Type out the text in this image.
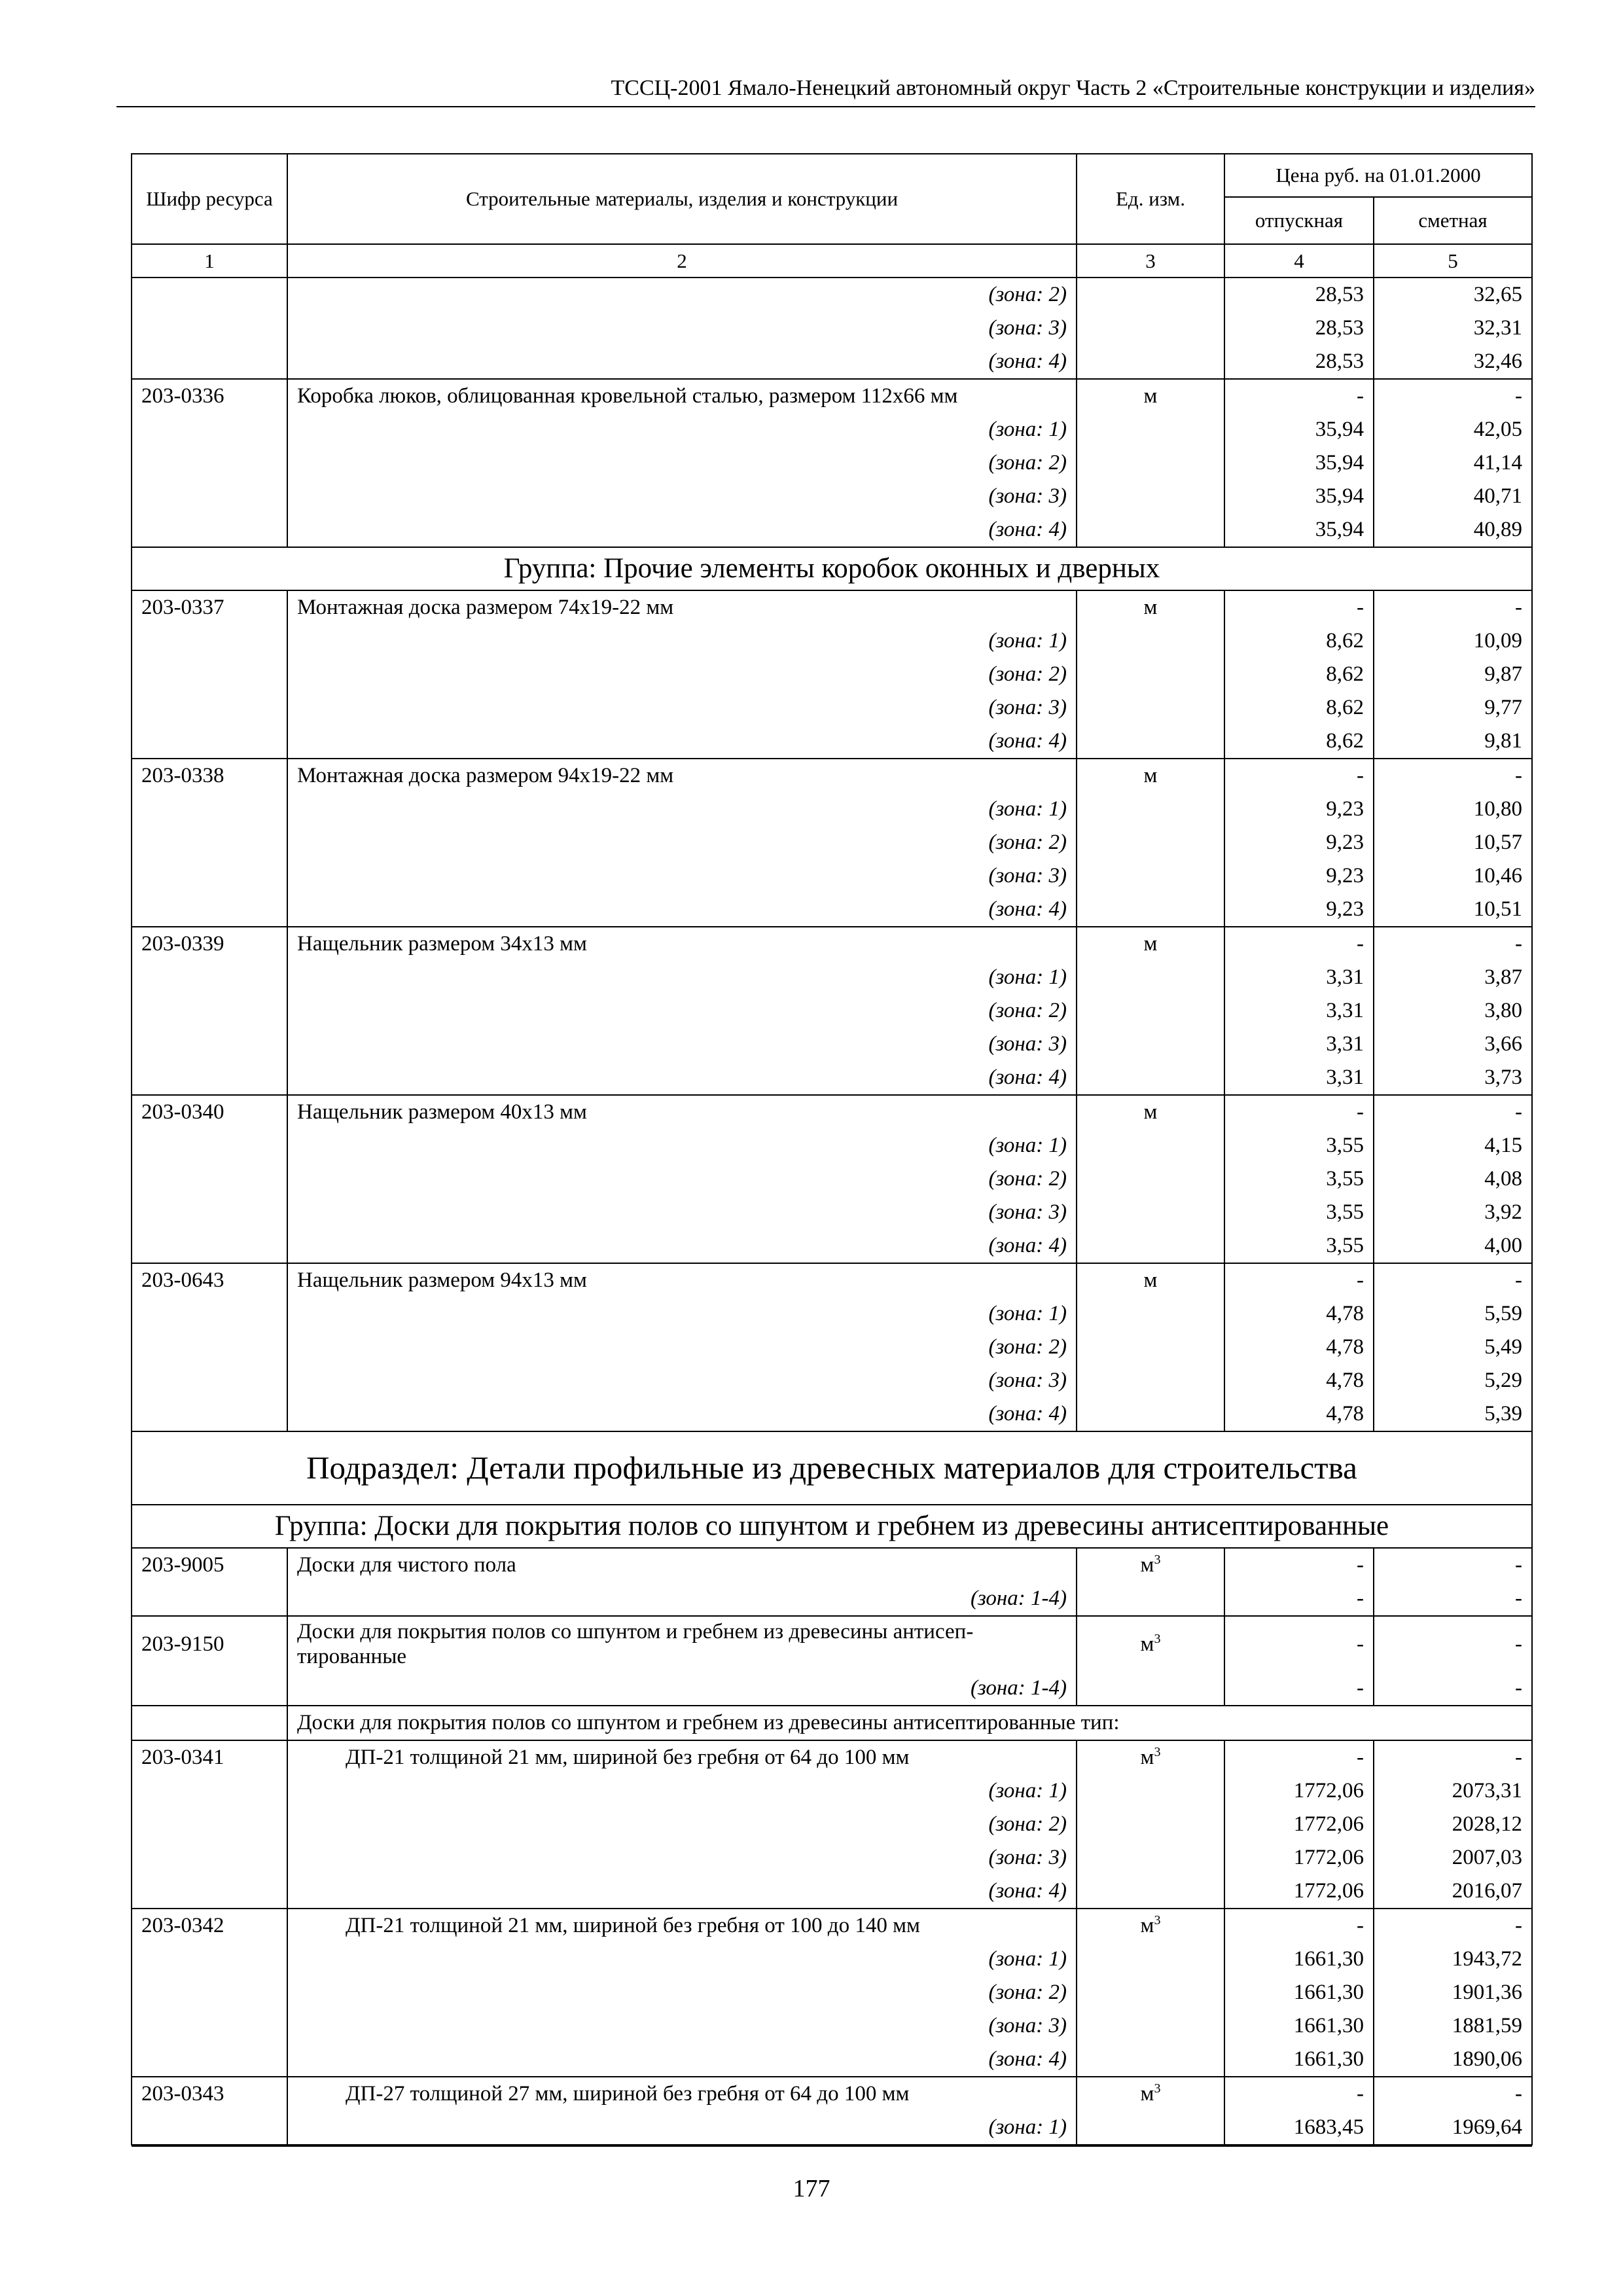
ТССЦ-2001 Ямало-Ненецкий автономный округ Часть 2 «Строительные конструкции и изделия»
Шифр ресурса	Строительные материалы, изделия и конструкции	Ед. изм.	Цена руб. на 01.01.2000	
			отпускная	сметная
1	2	3	4	5
	(зона: 2)		28,53	32,65
	(зона: 3)		28,53	32,31
	(зона: 4)		28,53	32,46
203-0336	Коробка люков, облицованная кровельной сталью, размером 112х66 мм	м	-	-
	(зона: 1)		35,94	42,05
	(зона: 2)		35,94	41,14
	(зона: 3)		35,94	40,71
	(зона: 4)		35,94	40,89
Группа: Прочие элементы коробок оконных и дверных				
203-0337	Монтажная доска размером 74х19-22 мм	м	-	-
	(зона: 1)		8,62	10,09
	(зона: 2)		8,62	9,87
	(зона: 3)		8,62	9,77
	(зона: 4)		8,62	9,81
203-0338	Монтажная доска размером 94х19-22 мм	м	-	-
	(зона: 1)		9,23	10,80
	(зона: 2)		9,23	10,57
	(зона: 3)		9,23	10,46
	(зона: 4)		9,23	10,51
203-0339	Нащельник размером 34х13 мм	м	-	-
	(зона: 1)		3,31	3,87
	(зона: 2)		3,31	3,80
	(зона: 3)		3,31	3,66
	(зона: 4)		3,31	3,73
203-0340	Нащельник размером 40х13 мм	м	-	-
	(зона: 1)		3,55	4,15
	(зона: 2)		3,55	4,08
	(зона: 3)		3,55	3,92
	(зона: 4)		3,55	4,00
203-0643	Нащельник размером 94х13 мм	м	-	-
	(зона: 1)		4,78	5,59
	(зона: 2)		4,78	5,49
	(зона: 3)		4,78	5,29
	(зона: 4)		4,78	5,39
Подраздел: Детали профильные из древесных материалов для строительства				
Группа: Доски для покрытия полов со шпунтом и гребнем из древесины антисептированные				
203-9005	Доски для чистого пола	$м^3$	-	-
	(зона: 1-4)		-	-
203-9150	Доски для покрытия полов со шпунтом и гребнем из древесины антисеп-тированные	$м^3$	-	-
	(зона: 1-4)		-	-
	Доски для покрытия полов со шпунтом и гребнем из древесины антисептированные тип:			
203-0341	ДП-21 толщиной 21 мм, шириной без гребня от 64 до 100 мм	$м^3$	-	-
	(зона: 1)		1772,06	2073,31
	(зона: 2)		1772,06	2028,12
	(зона: 3)		1772,06	2007,03
	(зона: 4)		1772,06	2016,07
203-0342	ДП-21 толщиной 21 мм, шириной без гребня от 100 до 140 мм	$м^3$	-	-
	(зона: 1)		1661,30	1943,72
	(зона: 2)		1661,30	1901,36
	(зона: 3)		1661,30	1881,59
	(зона: 4)		1661,30	1890,06
203-0343	ДП-27 толщиной 27 мм, шириной без гребня от 64 до 100 мм	$м^3$	-	-
	(зона: 1)		1683,45	1969,64

177
